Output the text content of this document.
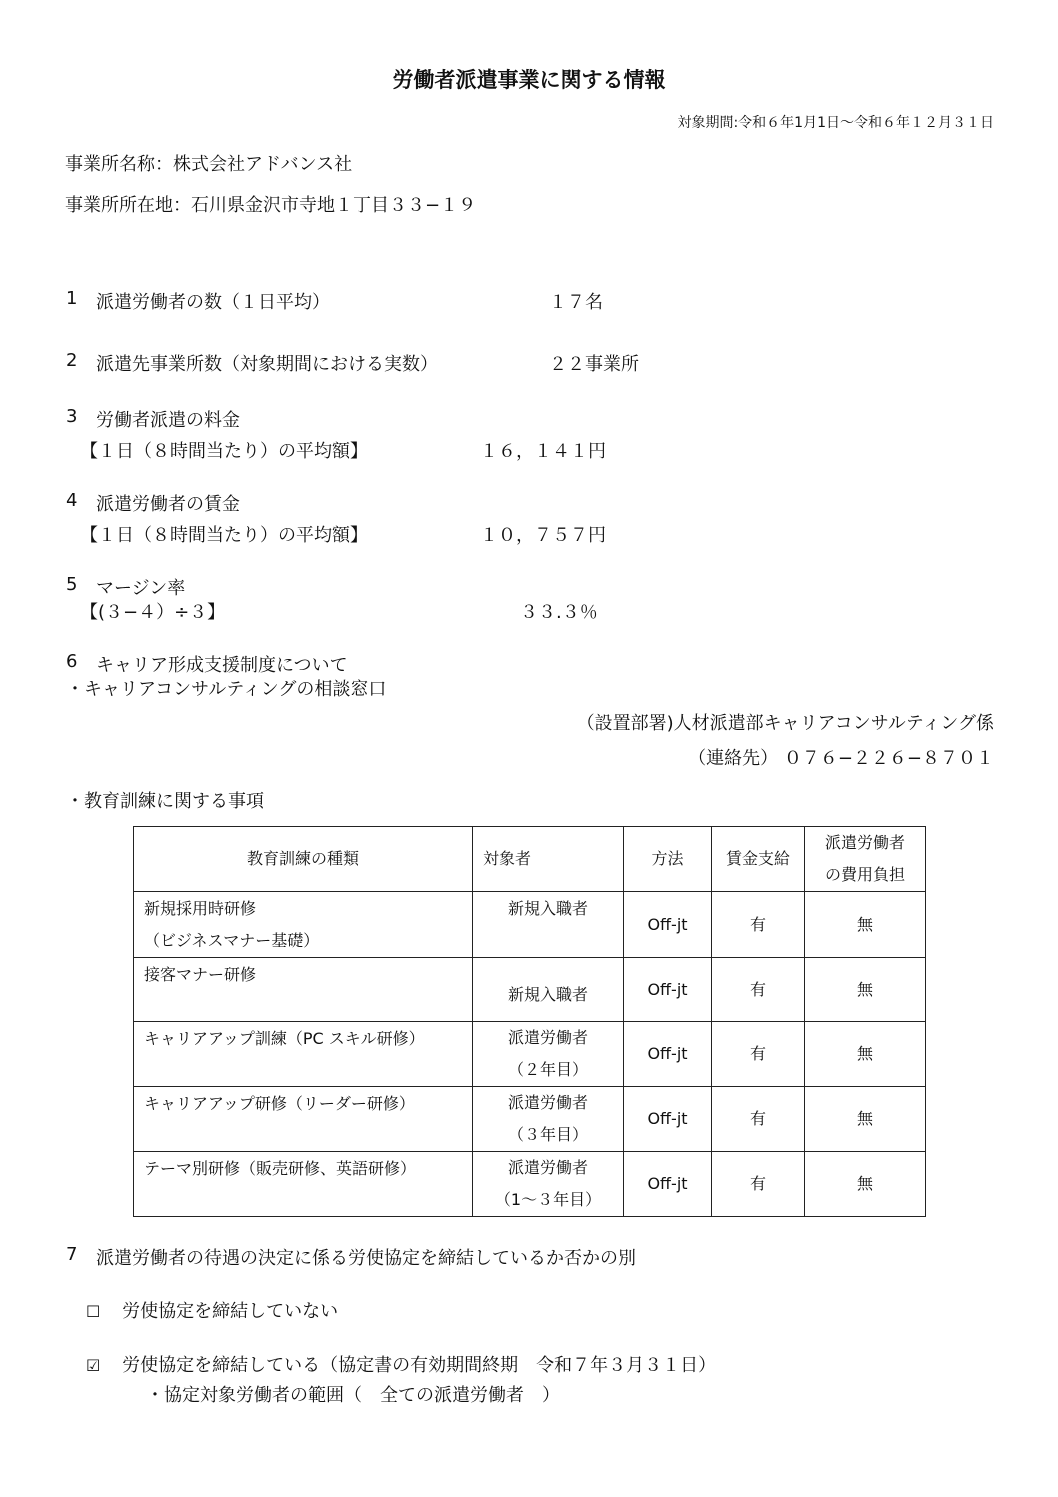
労働者派遣事業に関する情報
対象期間:令和６年1月1日～令和６年１２月３１日
事業所名称：株式会社アドバンス社
事業所所在地：石川県金沢市寺地１丁目３３−１９
1 派遣労働者の数（１日平均）	１７名
2 派遣先事業所数（対象期間における実数）	２２事業所
3 労働者派遣の料金
【１日（８時間当たり）の平均額】	１６，１４１円
4 派遣労働者の賃金
【１日（８時間当たり）の平均額】	１０，７５７円
5 マージン率
【(３−４）÷３】	３３.３％
6 キャリア形成支援制度について
・キャリアコンサルティングの相談窓口
（設置部署)人材派遣部キャリアコンサルティング係
（連絡先） ０７６−２２６−８７０１
・教育訓練に関する事項
教育訓練の種類	対象者	方法	賃金支給	派遣労働者
の費用負担

新規採用時研修
（ビジネスマナー基礎）	新規入職者	Off-jt	有	無

接客マナー研修	新規入職者	Off-jt	有	無

キャリアアップ訓練（PC スキル研修）	派遣労働者
（２年目）	Off-jt	有	無

キャリアアップ研修（リーダー研修）	派遣労働者
（３年目）	Off-jt	有	無

テーマ別研修（販売研修、英語研修）	派遣労働者
（1～３年目）	Off-jt	有	無
7 派遣労働者の待遇の決定に係る労使協定を締結しているか否かの別
☐ 労使協定を締結していない
☑ 労使協定を締結している（協定書の有効期間終期　令和７年３月３１日）
・協定対象労働者の範囲（　全ての派遣労働者　）
